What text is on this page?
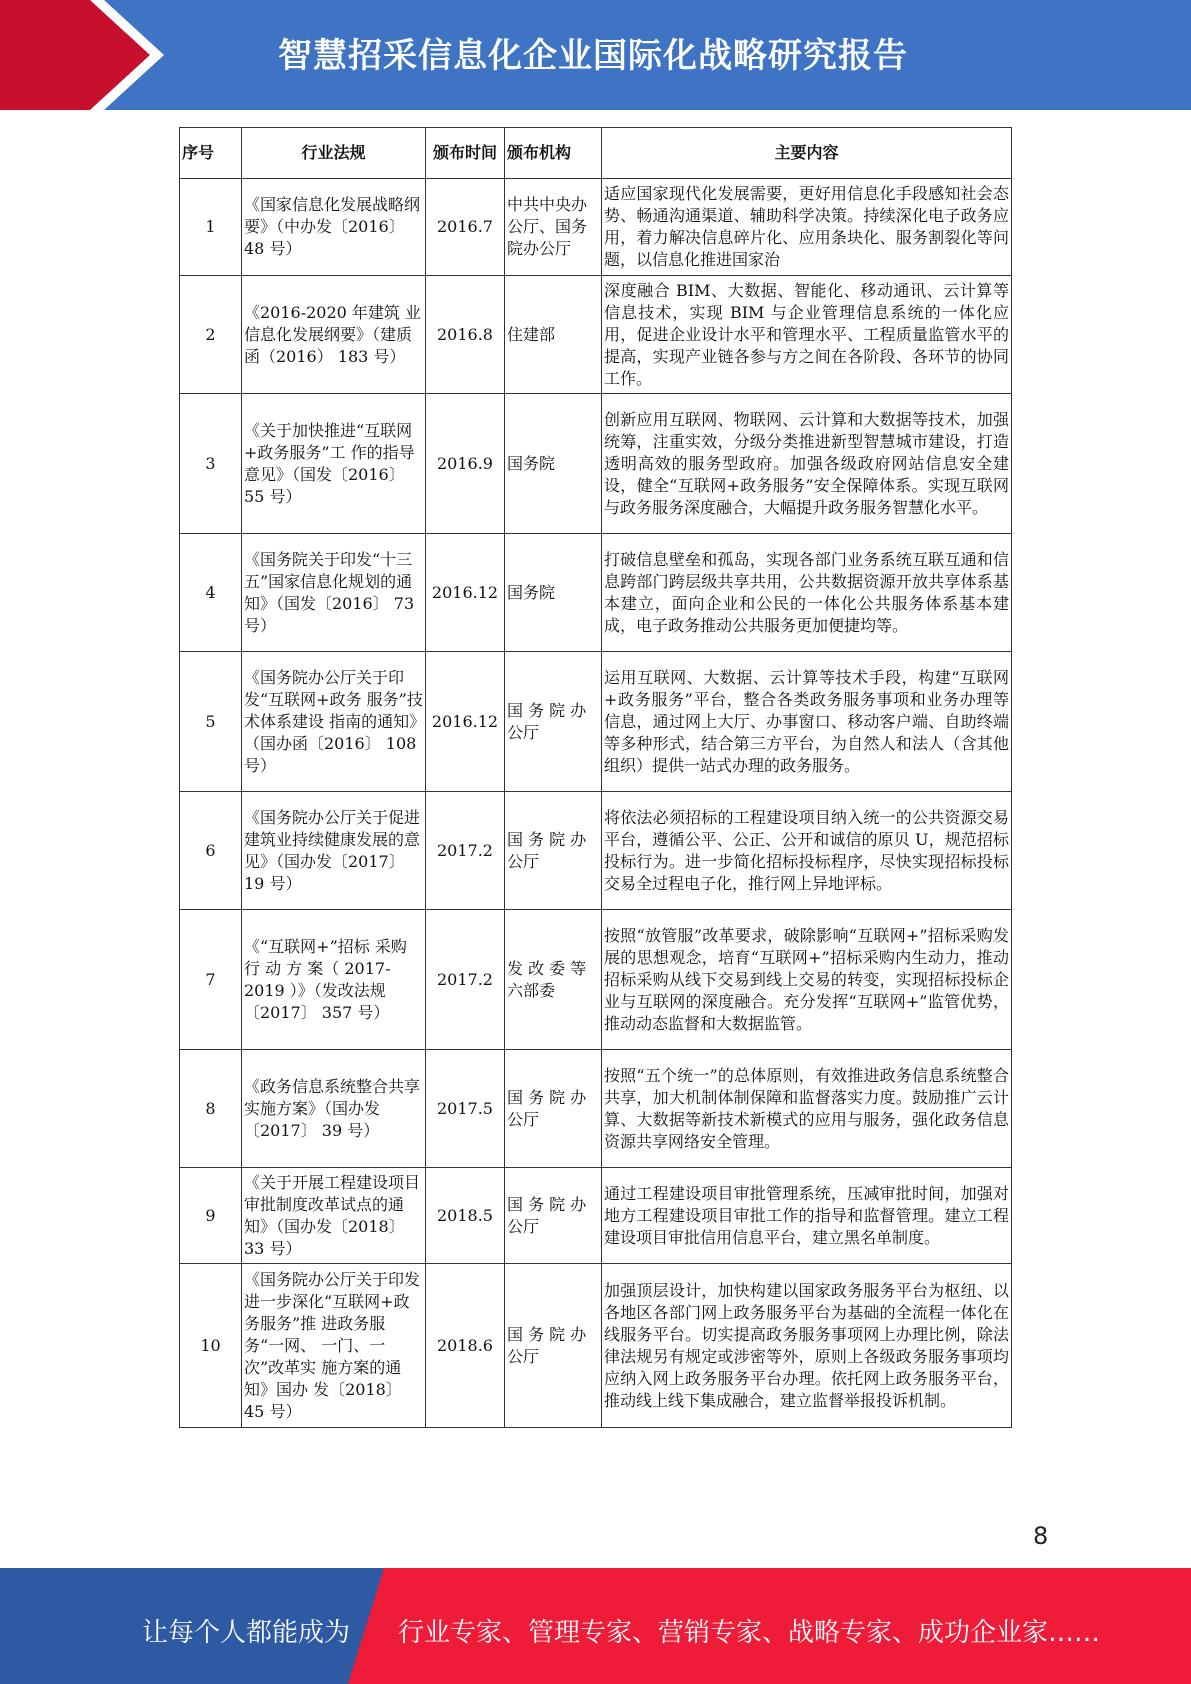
智慧招采信息化企业国际化战略研究报告
序号	行业法规	颁布时间	颁布机构	主要内容
1	《国家信息化发展战略纲要》（中办发〔2016〕 48 号）	2016.7	中共中央办公厅、国务院办公厅	适应国家现代化发展需要，更好用信息化手段感知社会态势、畅通沟通渠道、辅助科学决策。持续深化电子政务应用，着力解决信息碎片化、应用条块化、服务割裂化等问题，以信息化推进国家治
2	《2016-2020 年建筑 业信息化发展纲要》（建质函（2016） 183 号）	2016.8	住建部	深度融合 BIM、大数据、智能化、移动通讯、云计算等信息技术，实现 BIM 与企业管理信息系统的一体化应用，促进企业设计水平和管理水平、工程质量监管水平的提高，实现产业链各参与方之间在各阶段、各环节的协同工作。
3	《关于加快推进“互联网+政务服务”工 作的指导意见》（国发〔2016〕 55 号）	2016.9	国务院	创新应用互联网、物联网、云计算和大数据等技术，加强统筹，注重实效，分级分类推进新型智慧城市建设，打造透明高效的服务型政府。加强各级政府网站信息安全建设，健全“互联网+政务服务”安全保障体系。实现互联网与政务服务深度融合，大幅提升政务服务智慧化水平。
4	《国务院关于印发“十三五”国家信息化规划的通知》（国发〔2016〕 73 号）	2016.12	国务院	打破信息壁垒和孤岛，实现各部门业务系统互联互通和信息跨部门跨层级共享共用，公共数据资源开放共享体系基本建立，面向企业和公民的一体化公共服务体系基本建成，电子政务推动公共服务更加便捷均等。
5	《国务院办公厅关于印发“互联网+政务 服务”技术体系建设 指南的通知》（国办函〔2016〕 108 号）	2016.12	国 务 院 办公厅	运用互联网、大数据、云计算等技术手段，构建“互联网+政务服务”平台，整合各类政务服务事项和业务办理等信息，通过网上大厅、办事窗口、移动客户端、自助终端等多种形式，结合第三方平台，为自然人和法人（含其他组织）提供一站式办理的政务服务。
6	《国务院办公厅关于促进建筑业持续健康发展的意见》（国办发〔2017〕 19 号）	2017.2	国 务 院 办公厅	将依法必须招标的工程建设项目纳入统一的公共资源交易平台，遵循公平、公正、公开和诚信的原贝 U，规范招标投标行为。进一步简化招标投标程序，尽快实现招标投标交易全过程电子化，推行网上异地评标。
7	《“互联网+”招标 采购 行 动 方 案（ 2017-2019 ）》（发改法规〔2017〕 357 号）	2017.2	发 改 委 等六部委	按照“放管服”改革要求，破除影响“互联网+”招标采购发展的思想观念，培育“互联网+”招标采购内生动力，推动招标采购从线下交易到线上交易的转变，实现招标投标企业与互联网的深度融合。充分发挥“互联网+”监管优势，推动动态监督和大数据监管。
8	《政务信息系统整合共享实施方案》（国办发〔2017〕 39 号）	2017.5	国 务 院 办公厅	按照“五个统一”的总体原则，有效推进政务信息系统整合共享，加大机制体制保障和监督落实力度。鼓励推广云计算、大数据等新技术新模式的应用与服务，强化政务信息资源共享网络安全管理。
9	《关于开展工程建设项目审批制度改革试点的通知》（国办发〔2018〕 33 号）	2018.5	国 务 院 办公厅	通过工程建设项目审批管理系统，压减审批时间，加强对地方工程建设项目审批工作的指导和监督管理。建立工程建设项目审批信用信息平台，建立黑名单制度。
10	《国务院办公厅关于印发进一步深化“互联网+政务服务”推 进政务服务“一网、 一门、一次”改革实 施方案的通知》国办 发〔2018〕 45 号）	2018.6	国 务 院 办公厅	加强顶层设计，加快构建以国家政务服务平台为枢纽、以各地区各部门网上政务服务平台为基础的全流程一体化在线服务平台。切实提高政务服务事项网上办理比例，除法律法规另有规定或涉密等外，原则上各级政务服务事项均应纳入网上政务服务平台办理。依托网上政务服务平台，推动线上线下集成融合，建立监督举报投诉机制。
8
让每个人都能成为 行业专家、管理专家、营销专家、战略专家、成功企业家……
